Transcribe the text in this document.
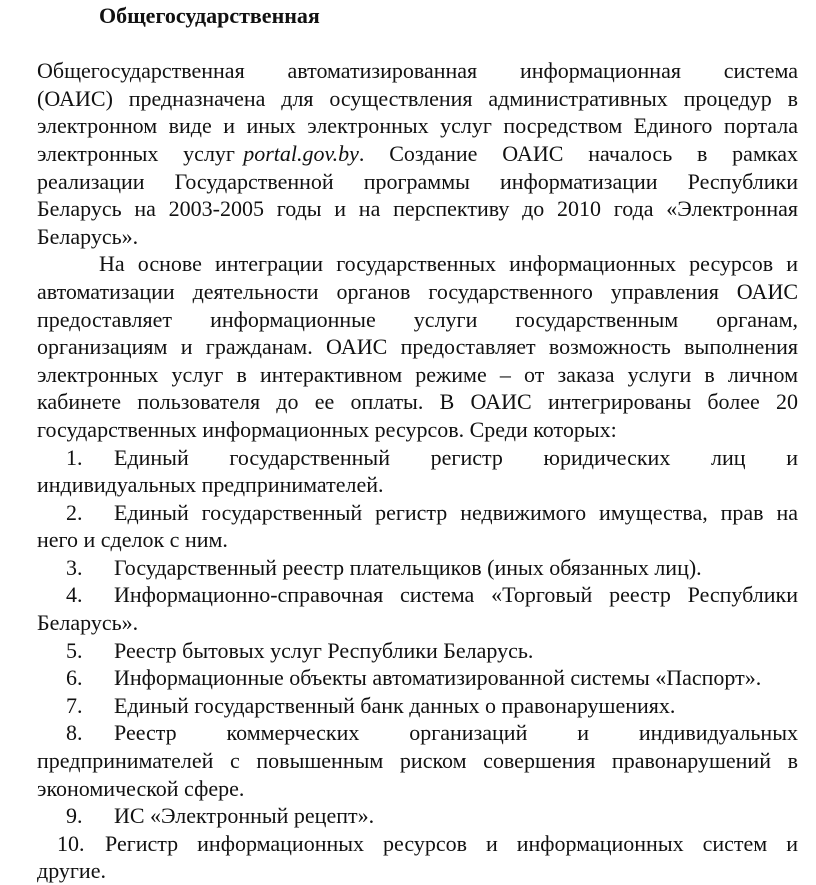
Общегосударственная

Общегосударственная   автоматизированная   информационная   система
(ОАИС) предназначена для осуществления административных процедур в
электронном виде и иных электронных услуг посредством Единого портала
электронных   услуг portal.gov.by.   Создание   ОАИС   началось   в   рамках
реализации  Государственной  программы  информатизации  Республики
Беларусь на 2003-2005 годы и на перспективу до 2010 года «Электронная
Беларусь».
На основе интеграции государственных информационных ресурсов и
автоматизации деятельности органов государственного управления ОАИС
предоставляет   информационные   услуги   государственным   органам,
организациям и гражданам. ОАИС предоставляет возможность выполнения
электронных  услуг  в  интерактивном  режиме  –  от  заказа  услуги  в  личном
кабинете  пользователя  до  ее  оплаты.  В  ОАИС  интегрированы  более  20
государственных информационных ресурсов. Среди которых:
1. Единый    государственный    регистр    юридических    лиц    и
индивидуальных предпринимателей.
2. Единый государственный регистр недвижимого имущества, прав на
него и сделок с ним.
3. Государственный реестр плательщиков (иных обязанных лиц).
4. Информационно-справочная система «Торговый реестр Республики
Беларусь».
5. Реестр бытовых услуг Республики Беларусь.
6. Информационные объекты автоматизированной системы «Паспорт».
7. Единый государственный банк данных о правонарушениях.
8. Реестр    коммерческих    организаций    и    индивидуальных
предпринимателей с повышенным риском совершения правонарушений в
экономической сфере.
9. ИС «Электронный рецепт».
10. Регистр  информационных  ресурсов  и  информационных  систем  и
другие.
